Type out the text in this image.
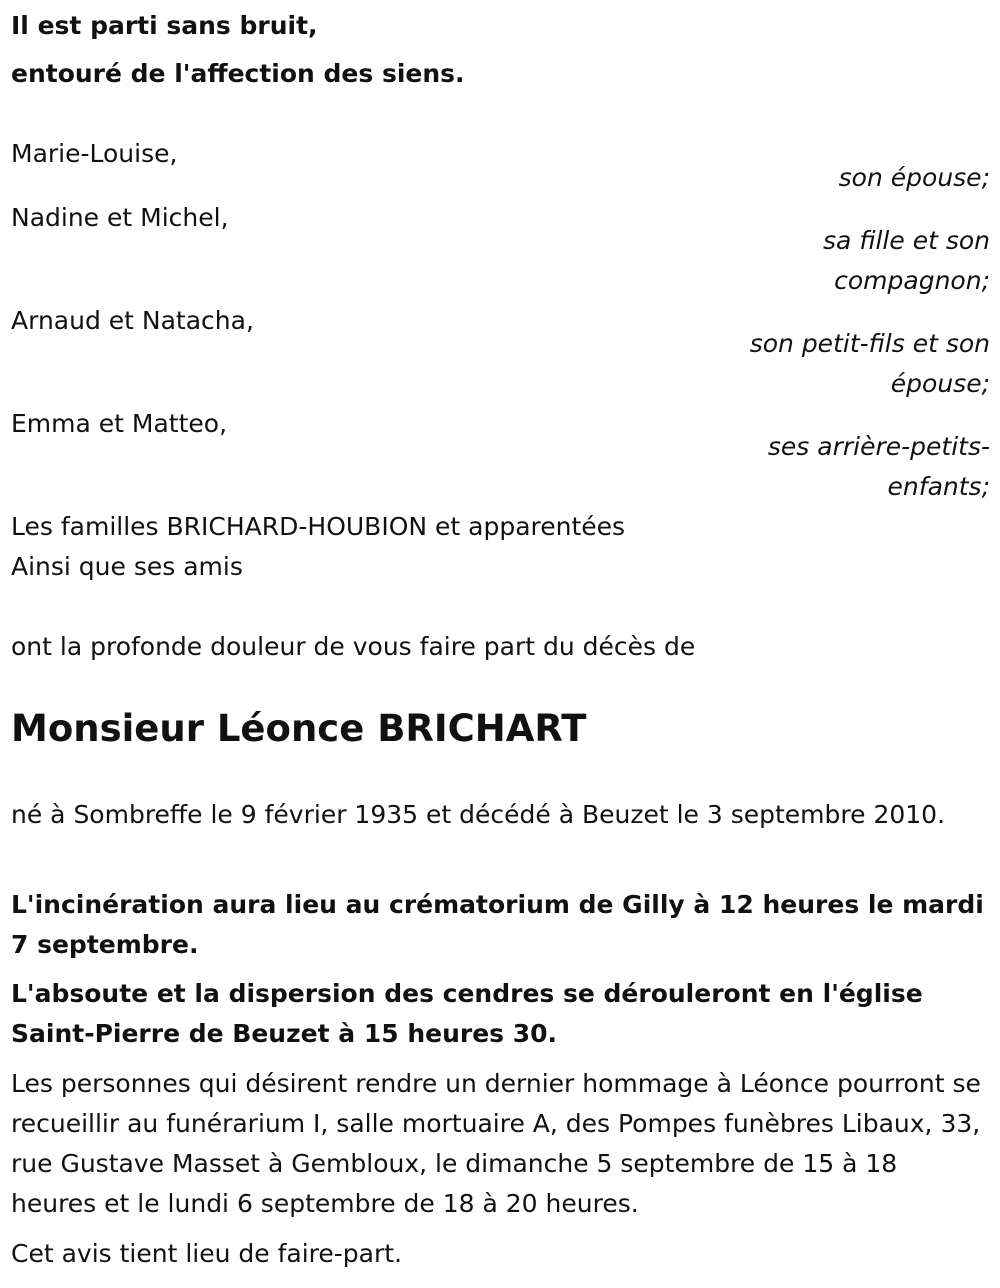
Il est parti sans bruit,

entouré de l'affection des siens.

Marie-Louise,

son épouse;

Nadine et Michel,

sa fille et son

compagnon;

Arnaud et Natacha,

son petit-fils et son

épouse;

Emma et Matteo,

ses arrière-petits-

enfants;

Les familles BRICHARD-HOUBION et apparentées

Ainsi que ses amis

ont la profonde douleur de vous faire part du décès de

Monsieur Léonce BRICHART

né à Sombreffe le 9 février 1935 et décédé à Beuzet le 3 septembre 2010.

L'incinération aura lieu au crématorium de Gilly à 12 heures le mardi 7 septembre.

L'absoute et la dispersion des cendres se dérouleront en l'église Saint-Pierre de Beuzet à 15 heures 30.

Les personnes qui désirent rendre un dernier hommage à Léonce pourront se recueillir au funérarium I, salle mortuaire A, des Pompes funèbres Libaux, 33, rue Gustave Masset à Gembloux, le dimanche 5 septembre de 15 à 18 heures et le lundi 6 septembre de 18 à 20 heures.

Cet avis tient lieu de faire-part.
